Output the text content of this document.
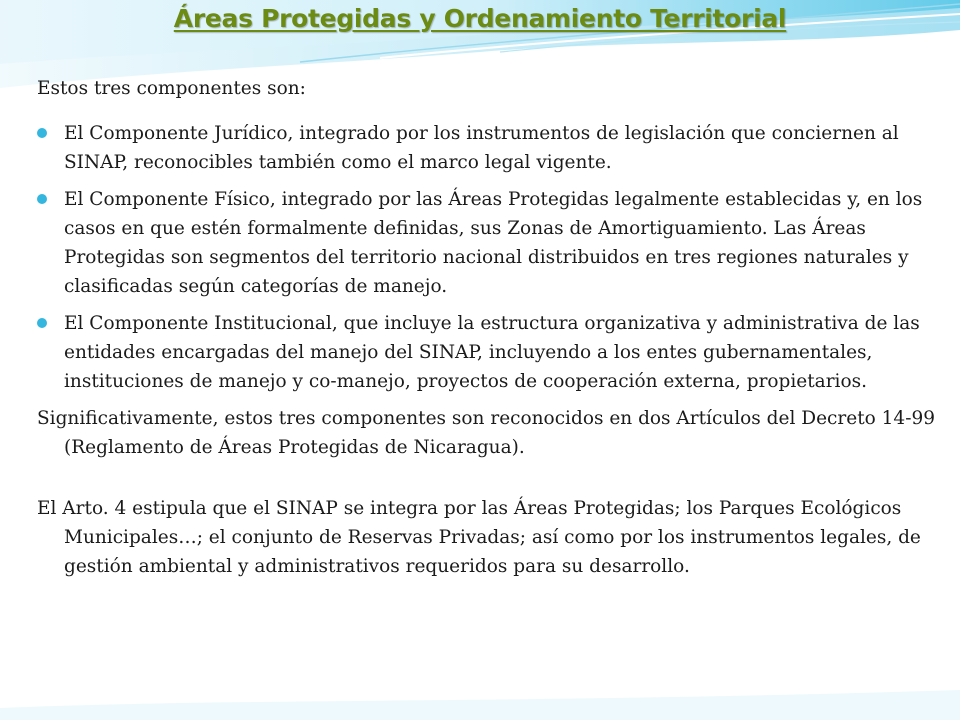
Áreas Protegidas y Ordenamiento Territorial

Estos tres componentes son:

El Componente Jurídico, integrado por los instrumentos de legislación que conciernen al SINAP, reconocibles también como el marco legal vigente.
El Componente Físico, integrado por las Áreas Protegidas legalmente establecidas y, en los casos en que estén formalmente definidas, sus Zonas de Amortiguamiento. Las Áreas Protegidas son segmentos del territorio nacional distribuidos en tres regiones naturales y clasificadas según categorías de manejo.
El Componente Institucional, que incluye la estructura organizativa y administrativa de las entidades encargadas del manejo del SINAP, incluyendo a los entes gubernamentales, instituciones de manejo y co-manejo, proyectos de cooperación externa, propietarios.

Significativamente, estos tres componentes son reconocidos en dos Artículos del Decreto 14-99 (Reglamento de Áreas Protegidas de Nicaragua).

El Arto. 4 estipula que el SINAP se integra por las Áreas Protegidas; los Parques Ecológicos Municipales…; el conjunto de Reservas Privadas; así como por los instrumentos legales, de gestión ambiental y administrativos requeridos para su desarrollo.
